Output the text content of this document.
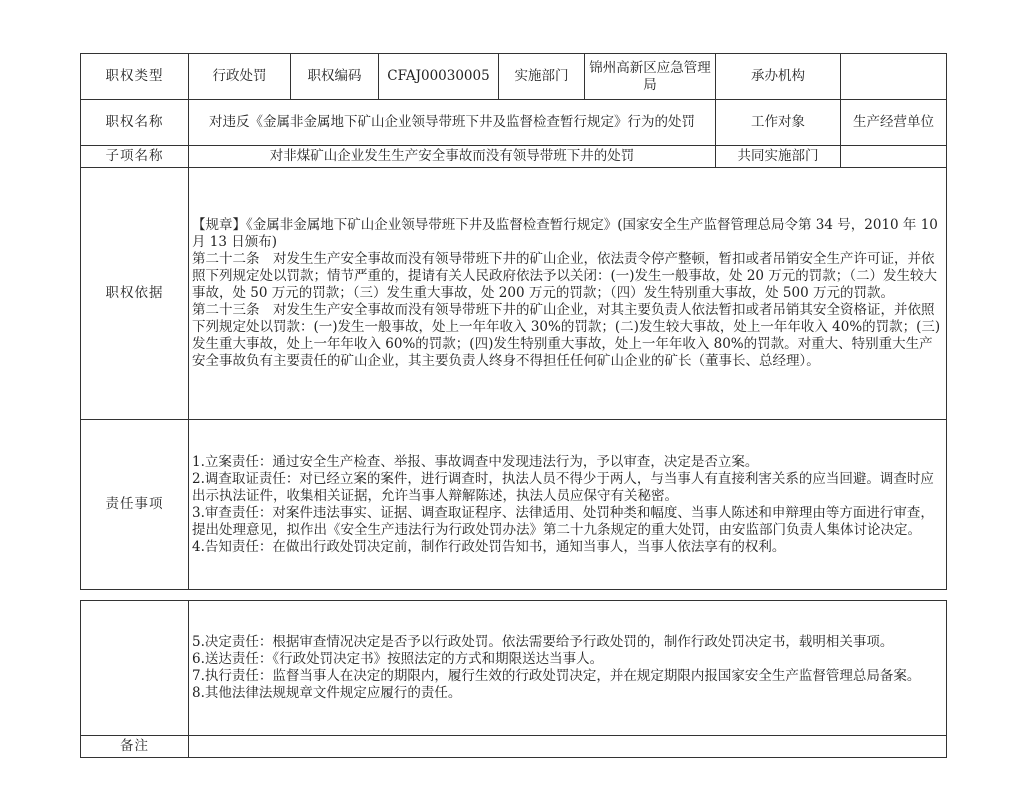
职权类型	行政处罚	职权编码	CFAJ00030005	实施部门	锦州高新区应急管理局	承办机构	
职权名称	对违反《金属非金属地下矿山企业领导带班下井及监督检查暂行规定》行为的处罚					工作对象	生产经营单位
子项名称	对非煤矿山企业发生生产安全事故而没有领导带班下井的处罚					共同实施部门	
职权依据	【规章】《金属非金属地下矿山企业领导带班下井及监督检查暂行规定》(国家安全生产监督管理总局令第 34 号，2010 年 10 月 13 日颁布)
第二十二条　对发生生产安全事故而没有领导带班下井的矿山企业，依法责令停产整顿，暂扣或者吊销安全生产许可证，并依照下列规定处以罚款；情节严重的，提请有关人民政府依法予以关闭：(一)发生一般事故，处 20 万元的罚款；（二）发生较大事故，处 50 万元的罚款；（三）发生重大事故，处 200 万元的罚款；（四）发生特别重大事故，处 500 万元的罚款。
第二十三条　对发生生产安全事故而没有领导带班下井的矿山企业，对其主要负责人依法暂扣或者吊销其安全资格证，并依照下列规定处以罚款：(一)发生一般事故，处上一年年收入 30%的罚款；(二)发生较大事故，处上一年年收入 40%的罚款；(三)发生重大事故，处上一年年收入 60%的罚款；(四)发生特别重大事故，处上一年年收入 80%的罚款。对重大、特别重大生产安全事故负有主要责任的矿山企业，其主要负责人终身不得担任任何矿山企业的矿长（董事长、总经理）。						

责任事项	1.立案责任：通过安全生产检查、举报、事故调查中发现违法行为，予以审查，决定是否立案。
2.调查取证责任：对已经立案的案件，进行调查时，执法人员不得少于两人，与当事人有直接利害关系的应当回避。调查时应出示执法证件，收集相关证据，允许当事人辩解陈述，执法人员应保守有关秘密。
3.审查责任：对案件违法事实、证据、调查取证程序、法律适用、处罚种类和幅度、当事人陈述和申辩理由等方面进行审查，提出处理意见，拟作出《安全生产违法行为行政处罚办法》第二十九条规定的重大处罚，由安监部门负责人集体讨论决定。
4.告知责任：在做出行政处罚决定前，制作行政处罚告知书，通知当事人，当事人依法享有的权利。						

	5.决定责任：根据审查情况决定是否予以行政处罚。依法需要给予行政处罚的，制作行政处罚决定书，载明相关事项。
6.送达责任：《行政处罚决定书》按照法定的方式和期限送达当事人。
7.执行责任：监督当事人在决定的期限内，履行生效的行政处罚决定，并在规定期限内报国家安全生产监督管理总局备案。
8.其他法律法规规章文件规定应履行的责任。

备注	
